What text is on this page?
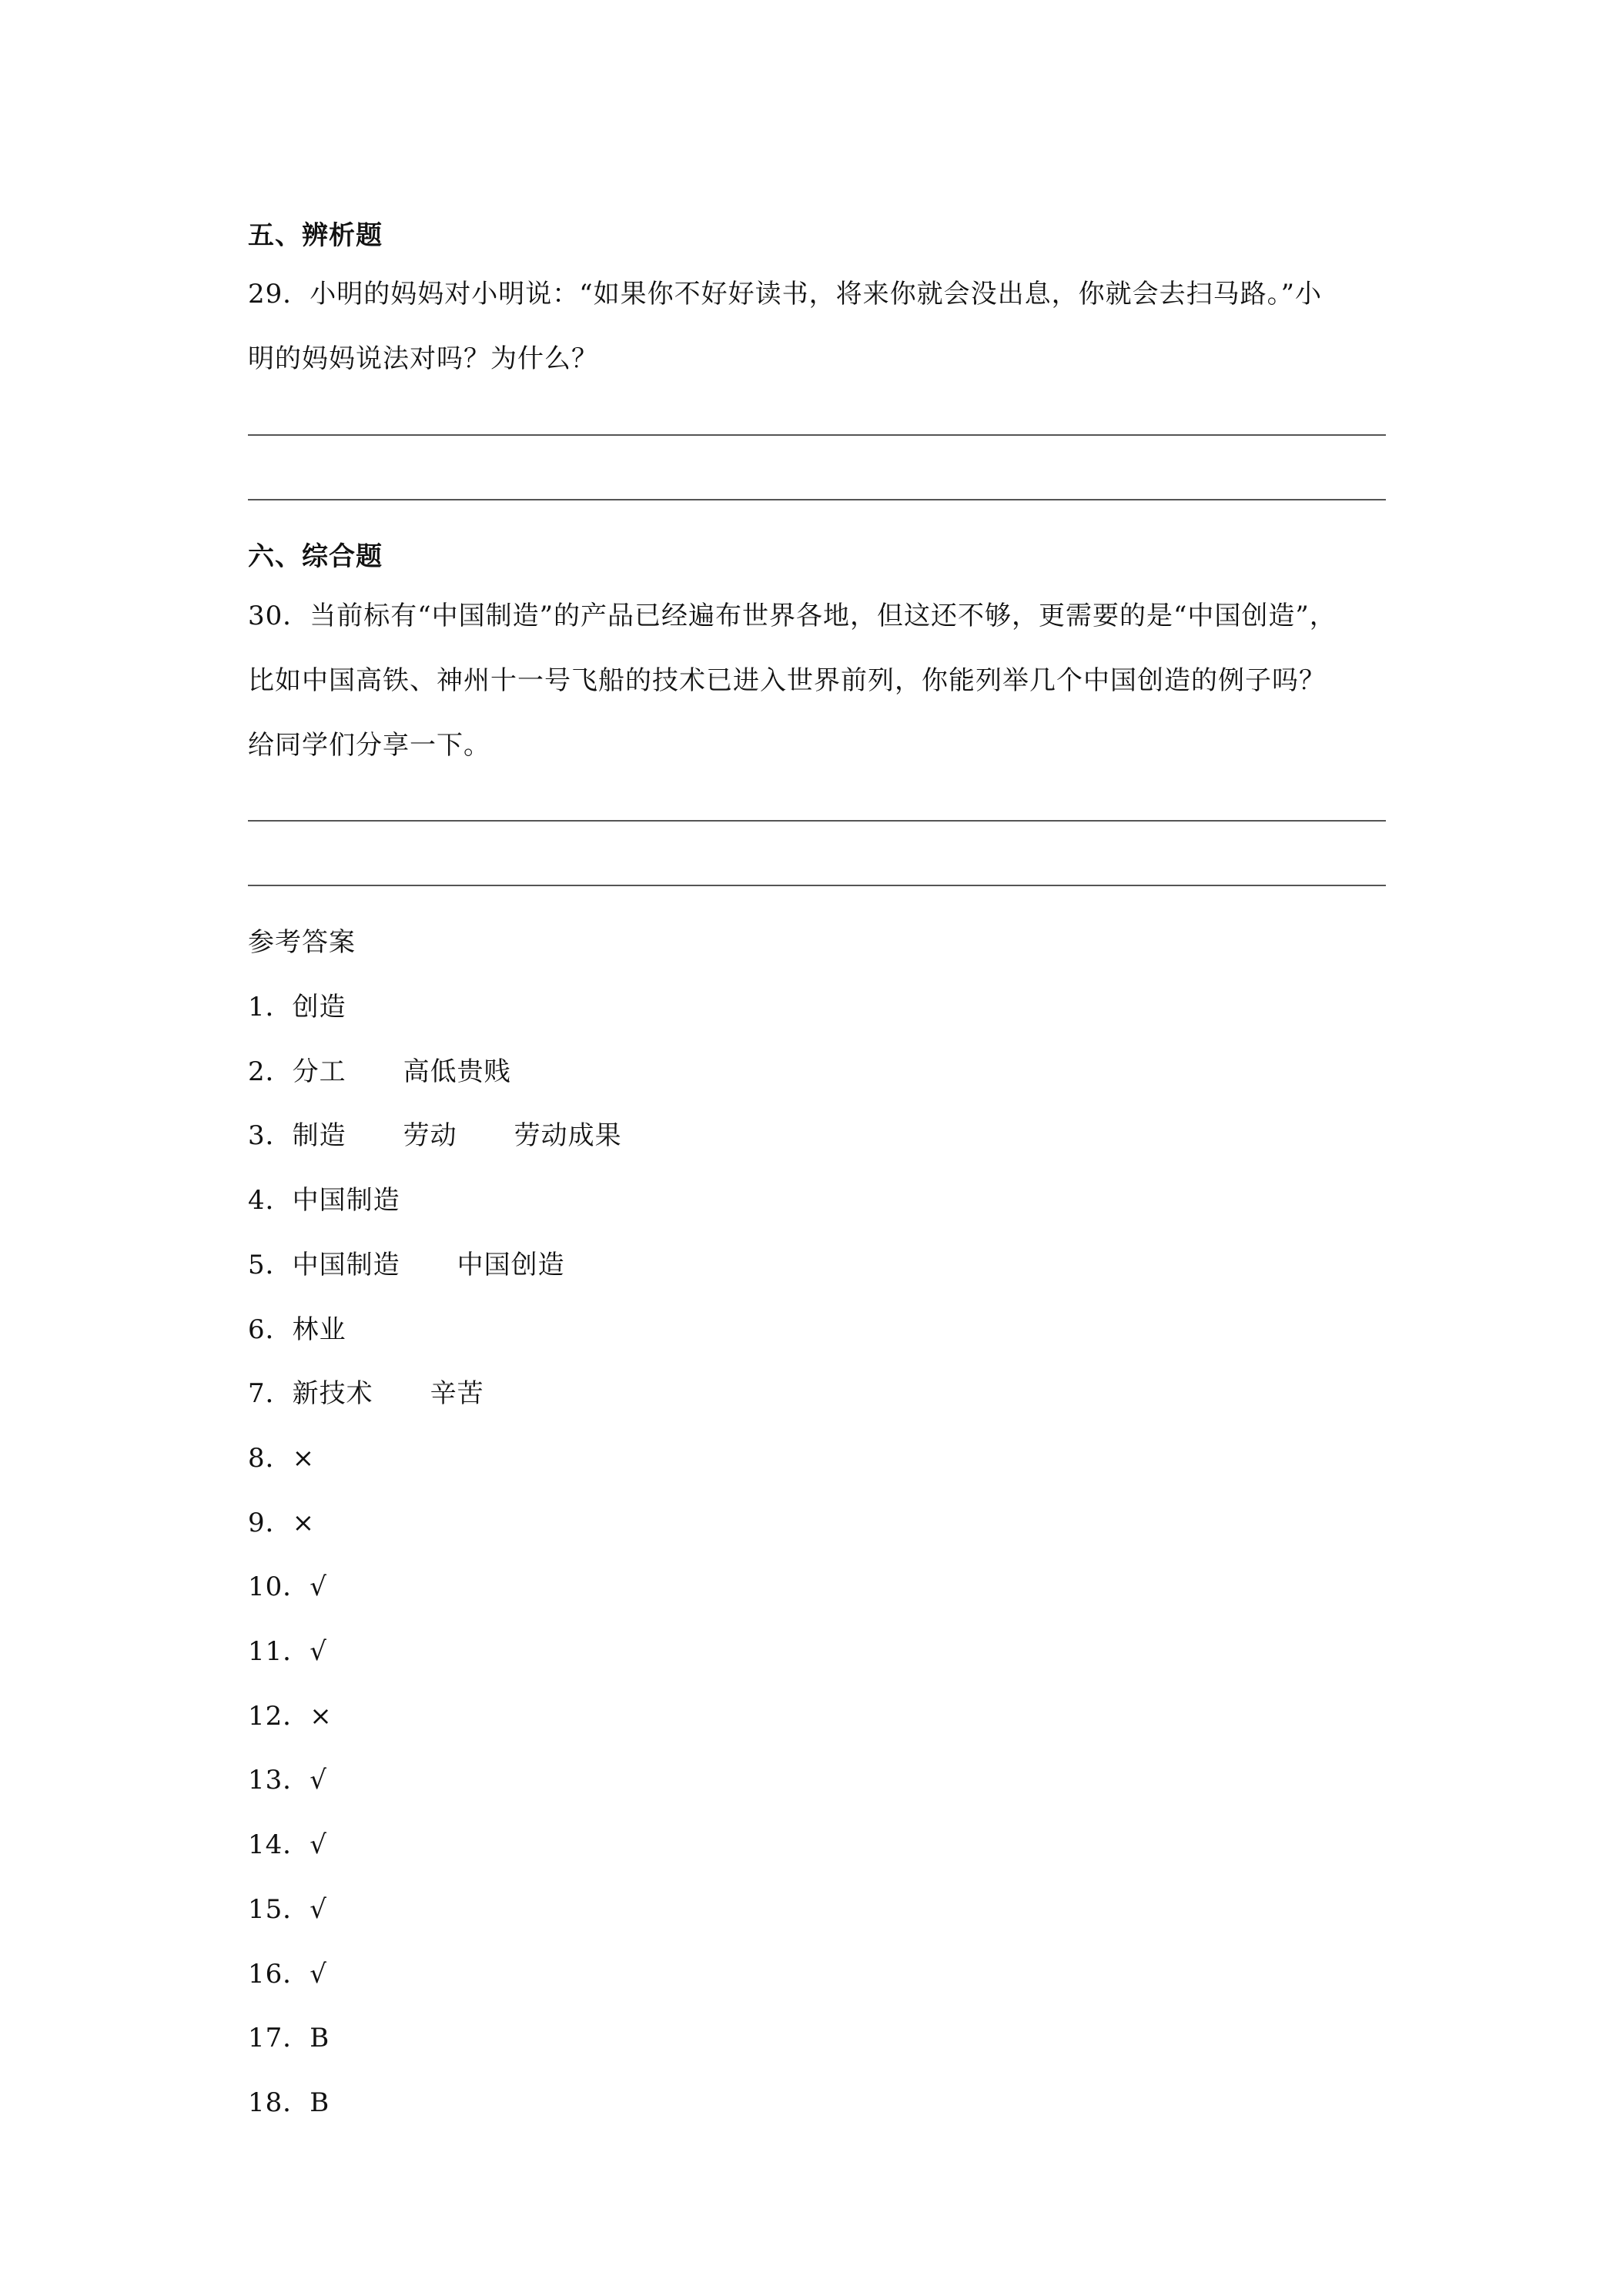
五、辨析题
29．小明的妈妈对小明说：“如果你不好好读书，将来你就会没出息，你就会去扫马路。”小
明的妈妈说法对吗？为什么？
六、综合题
30．当前标有“中国制造”的产品已经遍布世界各地，但这还不够，更需要的是“中国创造”，
比如中国高铁、神州十一号飞船的技术已进入世界前列，你能列举几个中国创造的例子吗？
给同学们分享一下。
参考答案
1．创造
2．分工 高低贵贱
3．制造 劳动 劳动成果
4．中国制造
5．中国制造 中国创造
6．林业
7．新技术 辛苦
8．×
9．×
10．√
11．√
12．×
13．√
14．√
15．√
16．√
17．B
18．B
